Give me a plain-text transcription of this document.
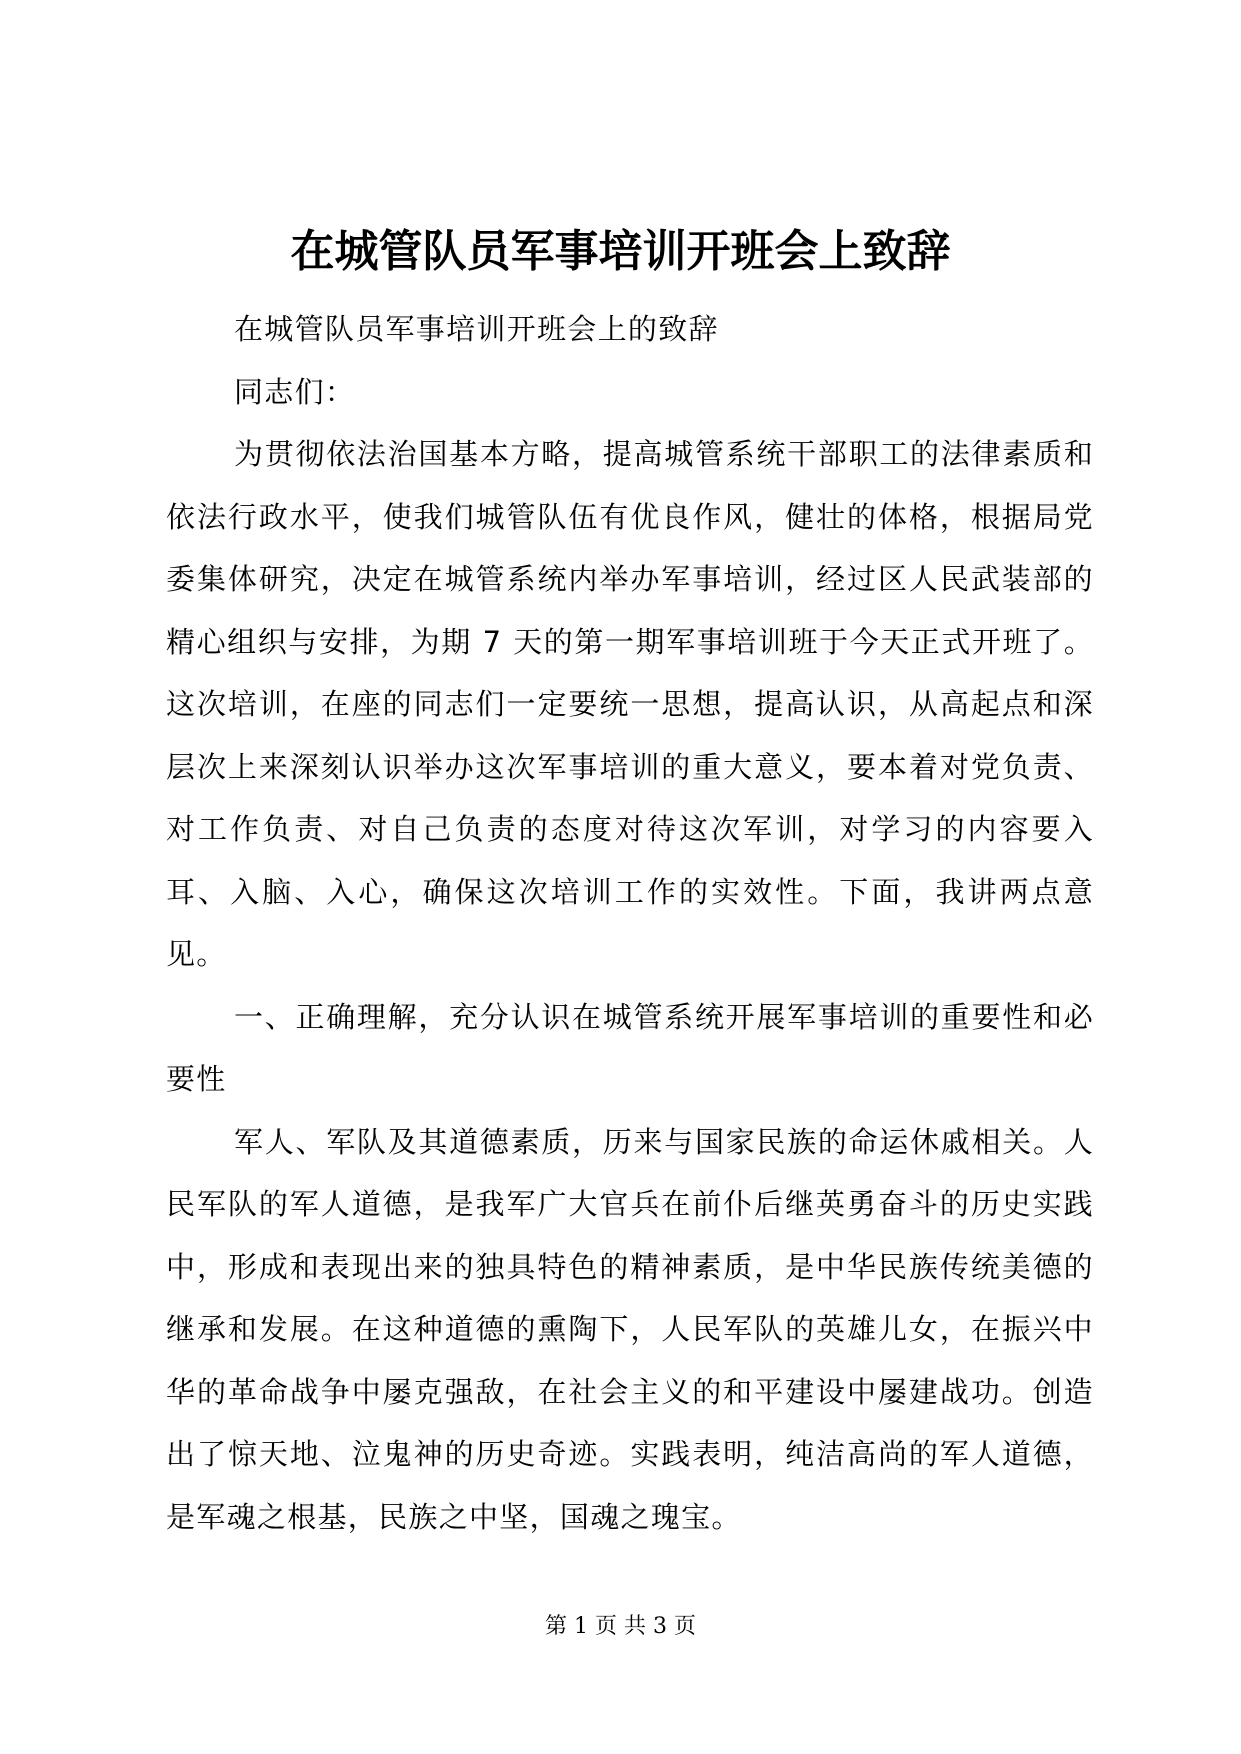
在城管队员军事培训开班会上致辞

在城管队员军事培训开班会上的致辞

同志们：

为贯彻依法治国基本方略，提高城管系统干部职工的法律素质和依法行政水平，使我们城管队伍有优良作风，健壮的体格，根据局党委集体研究，决定在城管系统内举办军事培训，经过区人民武装部的精心组织与安排，为期 7 天的第一期军事培训班于今天正式开班了。这次培训，在座的同志们一定要统一思想，提高认识，从高起点和深层次上来深刻认识举办这次军事培训的重大意义，要本着对党负责、对工作负责、对自己负责的态度对待这次军训，对学习的内容要入耳、入脑、入心，确保这次培训工作的实效性。下面，我讲两点意见。

一、正确理解，充分认识在城管系统开展军事培训的重要性和必要性

军人、军队及其道德素质，历来与国家民族的命运休戚相关。人民军队的军人道德，是我军广大官兵在前仆后继英勇奋斗的历史实践中，形成和表现出来的独具特色的精神素质，是中华民族传统美德的继承和发展。在这种道德的熏陶下，人民军队的英雄儿女，在振兴中华的革命战争中屡克强敌，在社会主义的和平建设中屡建战功。创造出了惊天地、泣鬼神的历史奇迹。实践表明，纯洁高尚的军人道德，是军魂之根基，民族之中坚，国魂之瑰宝。

第 1 页 共 3 页
